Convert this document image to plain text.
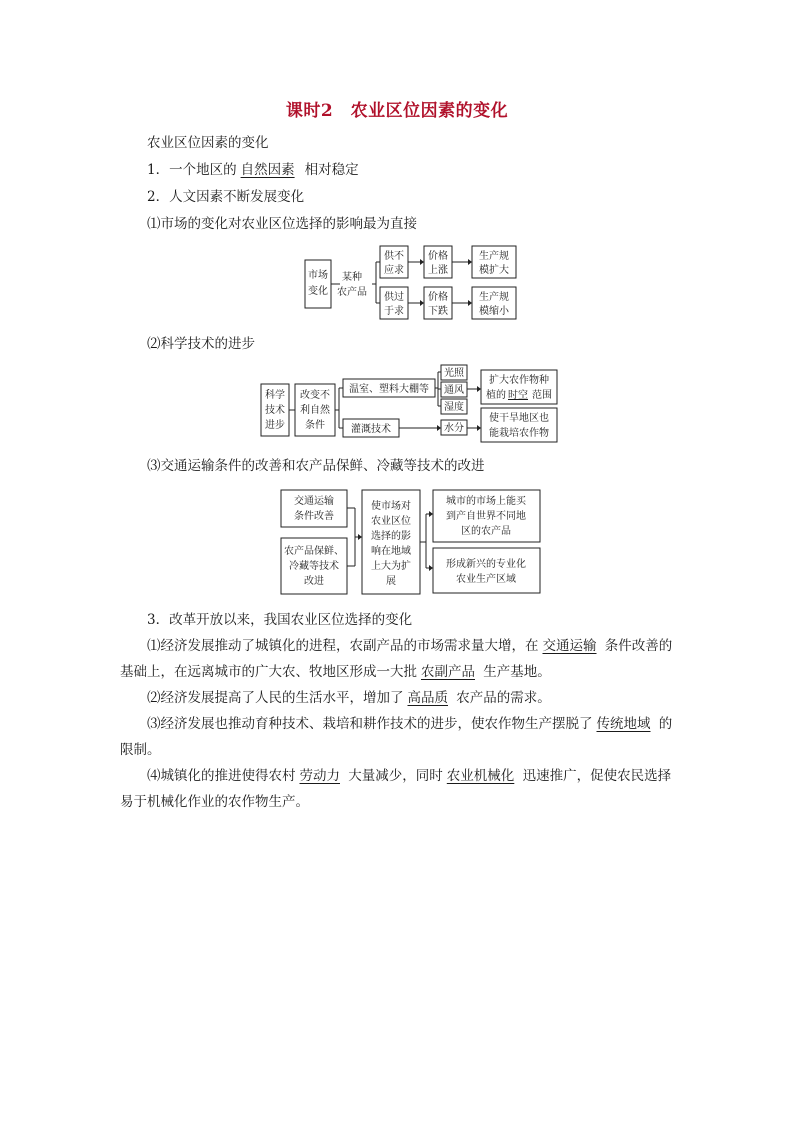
课时2　农业区位因素的变化
农业区位因素的变化
1．一个地区的 自然因素 相对稳定
2．人文因素不断发展变化
⑴市场的变化对农业区位选择的影响最为直接
市场
变化
某种
农产品
供不
应求
价格
上涨
生产规
模扩大
供过
于求
价格
下跌
生产规
模缩小
⑵科学技术的进步
科学
技术
进步
改变不
利自然
条件
温室、塑料大棚等
灌溉技术
光照
通风
湿度
水分
扩大农作物种
植的 时空 范围
使干旱地区也
能栽培农作物
⑶交通运输条件的改善和农产品保鲜、冷藏等技术的改进
交通运输
条件改善
农产品保鲜、
冷藏等技术
改进
使市场对
农业区位
选择的影
响在地域
上大为扩
展
城市的市场上能买
到产自世界不同地
区的农产品
形成新兴的专业化
农业生产区域
3．改革开放以来，我国农业区位选择的变化

⑴经济发展推动了城镇化的进程，农副产品的市场需求量大增，在 交通运输 条件改善的基础上，在远离城市的广大农、牧地区形成一大批 农副产品 生产基地。

⑵经济发展提高了人民的生活水平，增加了 高品质 农产品的需求。

⑶经济发展也推动育种技术、栽培和耕作技术的进步，使农作物生产摆脱了 传统地域 的限制。

⑷城镇化的推进使得农村 劳动力 大量减少，同时 农业机械化 迅速推广，促使农民选择易于机械化作业的农作物生产。
